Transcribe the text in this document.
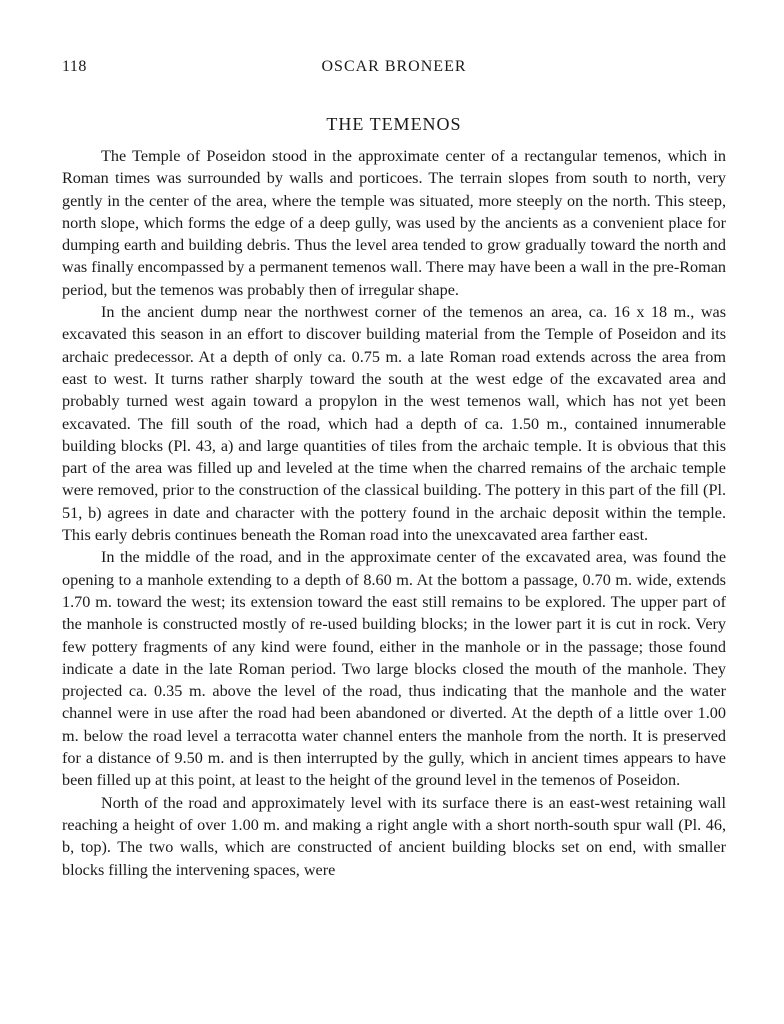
118	OSCAR BRONEER
THE TEMENOS

The Temple of Poseidon stood in the approximate center of a rectangular temenos, which in Roman times was surrounded by walls and porticoes. The terrain slopes from south to north, very gently in the center of the area, where the temple was situated, more steeply on the north. This steep, north slope, which forms the edge of a deep gully, was used by the ancients as a convenient place for dumping earth and building debris. Thus the level area tended to grow gradually toward the north and was finally encompassed by a permanent temenos wall. There may have been a wall in the pre-Roman period, but the temenos was probably then of irregular shape.

In the ancient dump near the northwest corner of the temenos an area, ca. 16 x 18 m., was excavated this season in an effort to discover building material from the Temple of Poseidon and its archaic predecessor. At a depth of only ca. 0.75 m. a late Roman road extends across the area from east to west. It turns rather sharply toward the south at the west edge of the excavated area and probably turned west again toward a propylon in the west temenos wall, which has not yet been excavated. The fill south of the road, which had a depth of ca. 1.50 m., contained innumerable building blocks (Pl. 43, a) and large quantities of tiles from the archaic temple. It is obvious that this part of the area was filled up and leveled at the time when the charred remains of the archaic temple were removed, prior to the construction of the classical building. The pottery in this part of the fill (Pl. 51, b) agrees in date and character with the pottery found in the archaic deposit within the temple. This early debris continues beneath the Roman road into the unexcavated area farther east.

In the middle of the road, and in the approximate center of the excavated area, was found the opening to a manhole extending to a depth of 8.60 m. At the bottom a passage, 0.70 m. wide, extends 1.70 m. toward the west; its extension toward the east still remains to be explored. The upper part of the manhole is constructed mostly of re-used building blocks; in the lower part it is cut in rock. Very few pottery fragments of any kind were found, either in the manhole or in the passage; those found indicate a date in the late Roman period. Two large blocks closed the mouth of the manhole. They projected ca. 0.35 m. above the level of the road, thus indicating that the manhole and the water channel were in use after the road had been abandoned or diverted. At the depth of a little over 1.00 m. below the road level a terracotta water channel enters the manhole from the north. It is preserved for a distance of 9.50 m. and is then interrupted by the gully, which in ancient times appears to have been filled up at this point, at least to the height of the ground level in the temenos of Poseidon.

North of the road and approximately level with its surface there is an east-west retaining wall reaching a height of over 1.00 m. and making a right angle with a short north-south spur wall (Pl. 46, b, top). The two walls, which are constructed of ancient building blocks set on end, with smaller blocks filling the intervening spaces, were
